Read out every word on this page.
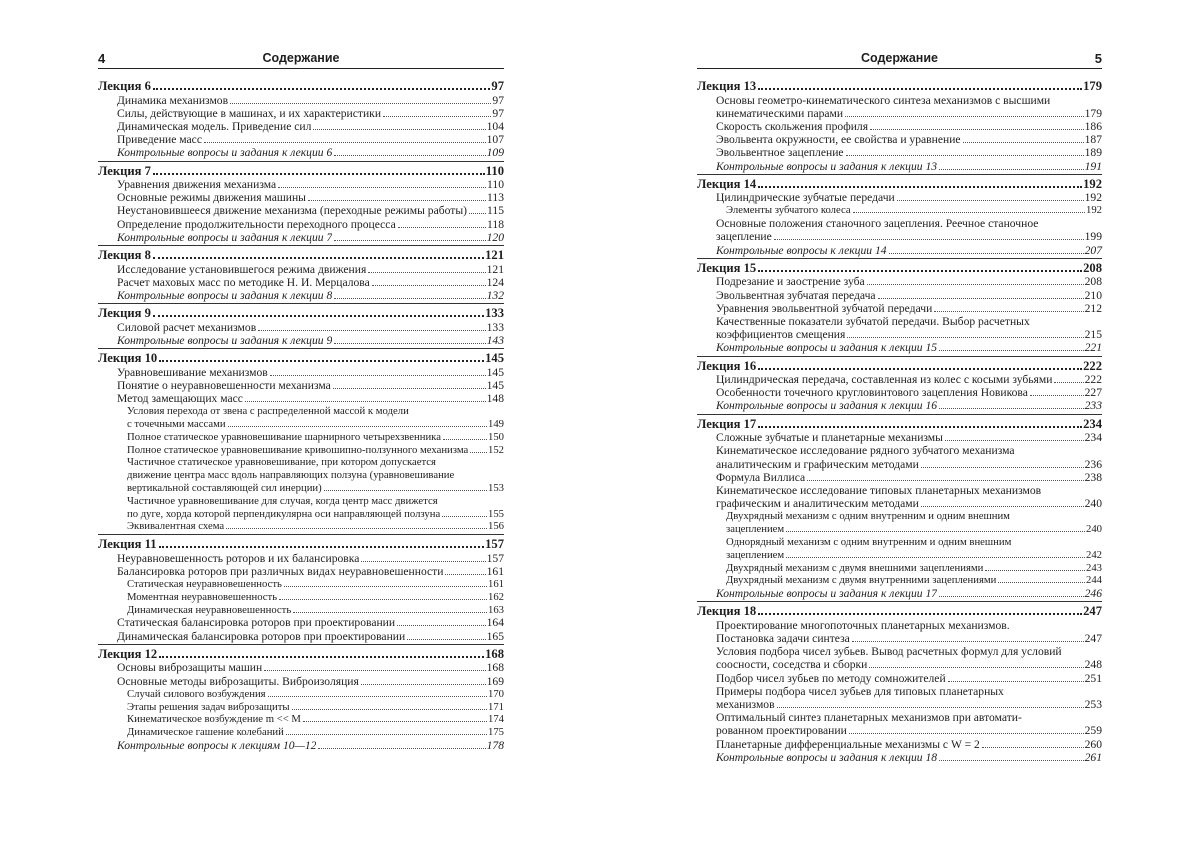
4	Содержание
Лекция 6	97
Динамика механизмов	97
Силы, действующие в машинах, и их характеристики	97
Динамическая модель. Приведение сил	104
Приведение масс	107
Контрольные вопросы и задания к лекции 6	109
Лекция 7	110
Уравнения движения механизма	110
Основные режимы движения машины	113
Неустановившееся движение механизма (переходные режимы работы) 115
Определение продолжительности переходного процесса	118
Контрольные вопросы и задания к лекции 7	120
Лекция 8	121
Исследование установившегося режима движения	121
Расчет маховых масс по методике Н. И. Мерцалова	124
Контрольные вопросы и задания к лекции 8	132
Лекция 9	133
Силовой расчет механизмов	133
Контрольные вопросы и задания к лекции 9	143
Лекция 10	145
Уравновешивание механизмов	145
Понятие о неуравновешенности механизма	145
Метод замещающих масс	148
Условия перехода от звена с распределенной массой к модели
с точечными массами	149
Полное статическое уравновешивание шарнирного четырехзвенника	150
Полное статическое уравновешивание кривошипно-ползунного механизма 152
Частичное статическое уравновешивание, при котором допускается
движение центра масс вдоль направляющих ползуна (уравновешивание
вертикальной составляющей сил инерции)	153
Частичное уравновешивание для случая, когда центр масс движется
по дуге, хорда которой перпендикулярна оси направляющей ползуна	155
Эквивалентная схема	156
Лекция 11	157
Неуравновешенность роторов и их балансировка	157
Балансировка роторов при различных видах неуравновешенности	161
Статическая неуравновешенность	161
Моментная неуравновешенность	162
Динамическая неуравновешенность	163
Статическая балансировка роторов при проектировании	164
Динамическая балансировка роторов при проектировании	165
Лекция 12	168
Основы виброзащиты машин	168
Основные методы виброзащиты. Виброизоляция	169
Случай силового возбуждения	170
Этапы решения задач виброзащиты	171
Кинематическое возбуждение m << M	174
Динамическое гашение колебаний	175
Контрольные вопросы к лекциям 10—12	178
Содержание	5
Лекция 13	179
Основы геометро-кинематического синтеза механизмов с высшими
кинематическими парами	179
Скорость скольжения профиля	186
Эвольвента окружности, ее свойства и уравнение	187
Эвольвентное зацепление	189
Контрольные вопросы и задания к лекции 13	191
Лекция 14	192
Цилиндрические зубчатые передачи	192
Элементы зубчатого колеса	192
Основные положения станочного зацепления. Реечное станочное
зацепление	199
Контрольные вопросы к лекции 14	207
Лекция 15	208
Подрезание и заострение зуба	208
Эвольвентная зубчатая передача	210
Уравнения эвольвентной зубчатой передачи	212
Качественные показатели зубчатой передачи. Выбор расчетных
коэффициентов смещения	215
Контрольные вопросы и задания к лекции 15	221
Лекция 16	222
Цилиндрическая передача, составленная из колес с косыми зубьями	222
Особенности точечного кругловинтового зацепления Новикова	227
Контрольные вопросы и задания к лекции 16	233
Лекция 17	234
Сложные зубчатые и планетарные механизмы	234
Кинематическое исследование рядного зубчатого механизма
аналитическим и графическим методами	236
Формула Виллиса	238
Кинематическое исследование типовых планетарных механизмов
графическим и аналитическим методами	240
Двухрядный механизм с одним внутренним и одним внешним
зацеплением	240
Однорядный механизм с одним внутренним и одним внешним
зацеплением	242
Двухрядный механизм с двумя внешними зацеплениями	243
Двухрядный механизм с двумя внутренними зацеплениями	244
Контрольные вопросы и задания к лекции 17	246
Лекция 18	247
Проектирование многопоточных планетарных механизмов.
Постановка задачи синтеза	247
Условия подбора чисел зубьев. Вывод расчетных формул для условий
соосности, соседства и сборки	248
Подбор чисел зубьев по методу сомножителей	251
Примеры подбора чисел зубьев для типовых планетарных
механизмов	253
Оптимальный синтез планетарных механизмов при автомати-
рованном проектировании	259
Планетарные дифференциальные механизмы с W = 2	260
Контрольные вопросы и задания к лекции 18	261
